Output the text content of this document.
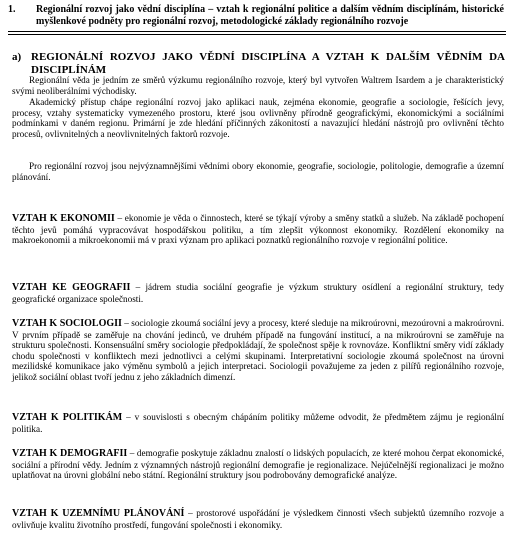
1. Regionální rozvoj jako vědní disciplína – vztah k regionální politice a dalším vědním disciplínám, historické myšlenkové podněty pro regionální rozvoj, metodologické základy regionálního rozvoje
a) REGIONÁLNÍ ROZVOJ JAKO VĚDNÍ DISCIPLÍNA A VZTAH K DALŠÍM VĚDNÍM DA DISCIPLÍNÁM

Regionální věda je jedním ze směrů výzkumu regionálního rozvoje, který byl vytvořen Waltrem Isardem a je charakteristický svými neoliberálními východisky.

Akademický přístup chápe regionální rozvoj jako aplikaci nauk, zejména ekonomie, geografie a sociologie, řešících jevy, procesy, vztahy systematicky vymezeného prostoru, které jsou ovlivněny přírodně geografickými, ekonomickými a sociálními podmínkami v daném regionu. Primární je zde hledání příčinných zákonitostí a navazující hledání nástrojů pro ovlivnění těchto procesů, ovlivnitelných a neovlivnitelných faktorů rozvoje.

Pro regionální rozvoj jsou nejvýznamnějšími vědními obory ekonomie, geografie, sociologie, politologie, demografie a územní plánování.

VZTAH K EKONOMII – ekonomie je věda o činnostech, které se týkají výroby a směny statků a služeb. Na základě pochopení těchto jevů pomáhá vypracovávat hospodářskou politiku, a tím zlepšit výkonnost ekonomiky. Rozdělení ekonomiky na makroekonomii a mikroekonomii má v praxi význam pro aplikaci poznatků regionálního rozvoje v regionální politice.

VZTAH KE GEOGRAFII – jádrem studia sociální geografie je výzkum struktury osídlení a regionální struktury, tedy geografické organizace společnosti.

VZTAH K SOCIOLOGII – sociologie zkoumá sociální jevy a procesy, které sleduje na mikroúrovni, mezoúrovni a makroúrovni. V prvním případě se zaměřuje na chování jedinců, ve druhém případě na fungování institucí, a na mikroúrovni se zaměřuje na strukturu společnosti. Konsensuální směry sociologie předpokládají, že společnost spěje k rovnováze. Konfliktní směry vidí základy chodu společnosti v konfliktech mezi jednotlivci a celými skupinami. Interpretativní sociologie zkoumá společnost na úrovni mezilidské komunikace jako výměnu symbolů a jejich interpretaci. Sociologii považujeme za jeden z pilířů regionálního rozvoje, jelikož sociální oblast tvoří jednu z jeho základních dimenzí.

VZTAH K POLITIKÁM – v souvislosti s obecným chápáním politiky můžeme odvodit, že předmětem zájmu je regionální politika.

VZTAH K DEMOGRAFII – demografie poskytuje základnu znalostí o lidských populacích, ze které mohou čerpat ekonomické, sociální a přírodní vědy. Jedním z významných nástrojů regionální demografie je regionalizace. Nejúčelnější regionalizaci je možno uplatňovat na úrovni globální nebo státní. Regionální struktury jsou podrobovány demografické analýze.

VZTAH K UZEMNÍMU PLÁNOVÁNÍ – prostorové uspořádání je výsledkem činnosti všech subjektů územního rozvoje a ovlivňuje kvalitu životního prostředí, fungování společnosti i ekonomiky.
